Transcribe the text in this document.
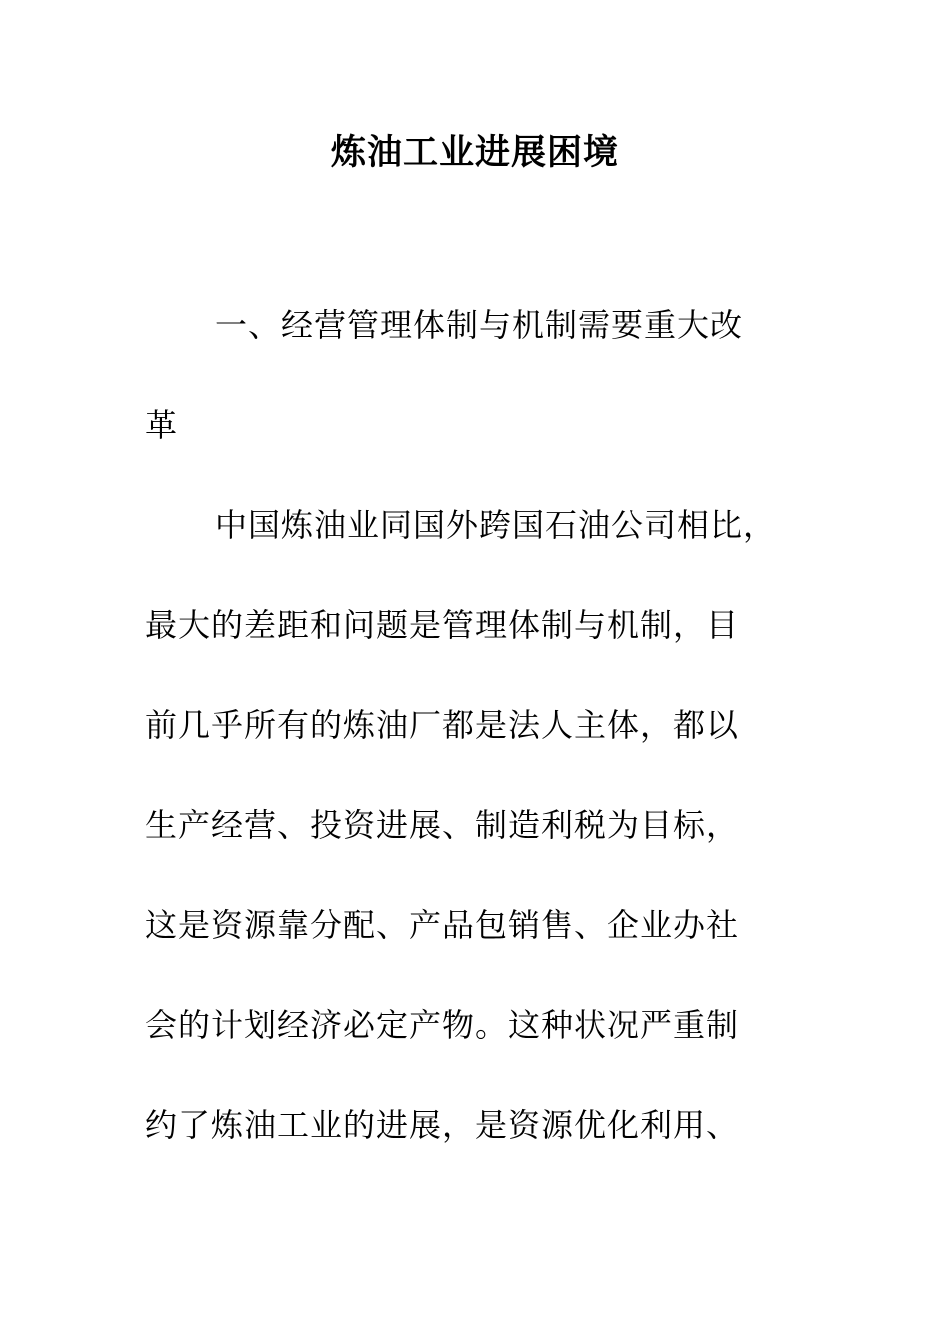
炼油工业进展困境
一、经营管理体制与机制需要重大改
革
中国炼油业同国外跨国石油公司相比，
最大的差距和问题是管理体制与机制，目
前几乎所有的炼油厂都是法人主体，都以
生产经营、投资进展、制造利税为目标，
这是资源靠分配、产品包销售、企业办社
会的计划经济必定产物。这种状况严重制
约了炼油工业的进展，是资源优化利用、
